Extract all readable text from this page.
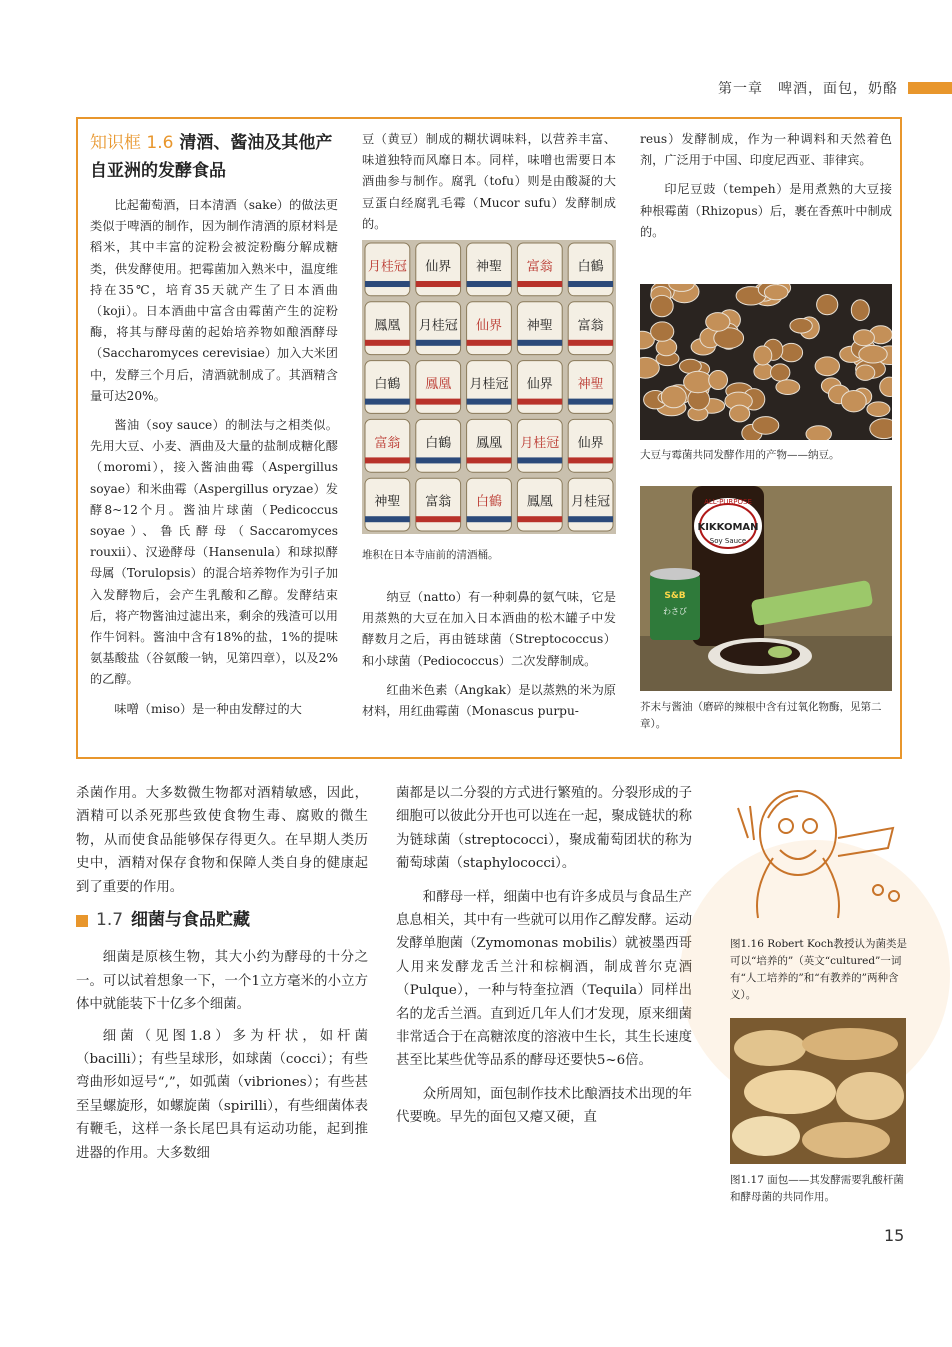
第一章　啤酒，面包，奶酪
知识框 1.6 清酒、酱油及其他产自亚洲的发酵食品

比起葡萄酒，日本清酒（sake）的做法更类似于啤酒的制作，因为制作清酒的原材料是稻米，其中丰富的淀粉会被淀粉酶分解成糖类，供发酵使用。把霉菌加入熟米中，温度维持在35℃，培育35天就产生了日本酒曲（koji）。日本酒曲中富含由霉菌产生的淀粉酶，将其与酵母菌的起始培养物如酿酒酵母（Saccharomyces cerevisiae）加入大米团中，发酵三个月后，清酒就制成了。其酒精含量可达20%。

酱油（soy sauce）的制法与之相类似。先用大豆、小麦、酒曲及大量的盐制成糖化醪（moromi），接入酱油曲霉（Aspergillus soyae）和米曲霉（Aspergillus oryzae）发酵8~12个月。酱油片球菌（Pedicoccus soyae）、鲁氏酵母（Saccaromyces rouxii）、汉逊酵母（Hansenula）和球拟酵母属（Torulopsis）的混合培养物作为引子加入发酵物后，会产生乳酸和乙醇。发酵结束后，将产物酱油过滤出来，剩余的残渣可以用作牛饲料。酱油中含有18%的盐，1%的提味氨基酸盐（谷氨酸一钠，见第四章），以及2%的乙醇。

味噌（miso）是一种由发酵过的大

豆（黄豆）制成的糊状调味料，以营养丰富、味道独特而风靡日本。同样，味噌也需要日本酒曲参与制作。腐乳（tofu）则是由酸凝的大豆蛋白经腐乳毛霉（Mucor sufu）发酵制成的。

月桂冠 仙界 神聖 富翁 白鶴
鳳凰 月桂冠 仙界 神聖 富翁
白鶴 鳳凰 月桂冠 仙界 神聖
富翁 白鶴 鳳凰 月桂冠 仙界
神聖 富翁 白鶴 鳳凰 月桂冠
堆积在日本寺庙前的清酒桶。

纳豆（natto）有一种刺鼻的氨气味，它是用蒸熟的大豆在加入日本酒曲的松木罐子中发酵数月之后，再由链球菌（Streptococcus）和小球菌（Pediococcus）二次发酵制成。

红曲米色素（Angkak）是以蒸熟的米为原材料，用红曲霉菌（Monascus purpu-

reus）发酵制成，作为一种调料和天然着色剂，广泛用于中国、印度尼西亚、菲律宾。

印尼豆豉（tempeh）是用煮熟的大豆接种根霉菌（Rhizopus）后，裹在香蕉叶中制成的。

大豆与霉菌共同发酵作用的产物——纳豆。
ALL-PURPOSE
KIKKOMAN
Soy Sauce
S&B
わさび
芥末与酱油（磨碎的辣根中含有过氧化物酶，见第二章）。

杀菌作用。大多数微生物都对酒精敏感，因此，酒精可以杀死那些致使食物生毒、腐败的微生物，从而使食品能够保存得更久。在早期人类历史中，酒精对保存食物和保障人类自身的健康起到了重要的作用。

1.7 细菌与食品贮藏

细菌是原核生物，其大小约为酵母的十分之一。可以试着想象一下，一个1立方毫米的小立方体中就能装下十亿多个细菌。

细菌（见图1.8）多为杆状，如杆菌（bacilli）；有些呈球形，如球菌（cocci）；有些弯曲形如逗号“,”，如弧菌（vibriones）；有些甚至呈螺旋形，如螺旋菌（spirilli），有些细菌体表有鞭毛，这样一条长尾巴具有运动功能，起到推进器的作用。大多数细

菌都是以二分裂的方式进行繁殖的。分裂形成的子细胞可以彼此分开也可以连在一起，聚成链状的称为链球菌（streptococci），聚成葡萄团状的称为葡萄球菌（staphylococci）。

和酵母一样，细菌中也有许多成员与食品生产息息相关，其中有一些就可以用作乙醇发酵。运动发酵单胞菌（Zymomonas mobilis）就被墨西哥人用来发酵龙舌兰汁和棕榈酒，制成普尔克酒（Pulque），一种与特奎拉酒（Tequila）同样出名的龙舌兰酒。直到近几年人们才发现，原来细菌非常适合于在高糖浓度的溶液中生长，其生长速度甚至比某些优等品系的酵母还要快5~6倍。

众所周知，面包制作技术比酿酒技术出现的年代要晚。早先的面包又瘪又硬，直

图1.16 Robert Koch教授认为菌类是可以“培养的”（英文“cultured”一词有“人工培养的”和“有教养的”两种含义）。
图1.17 面包——其发酵需要乳酸杆菌和酵母菌的共同作用。
15
